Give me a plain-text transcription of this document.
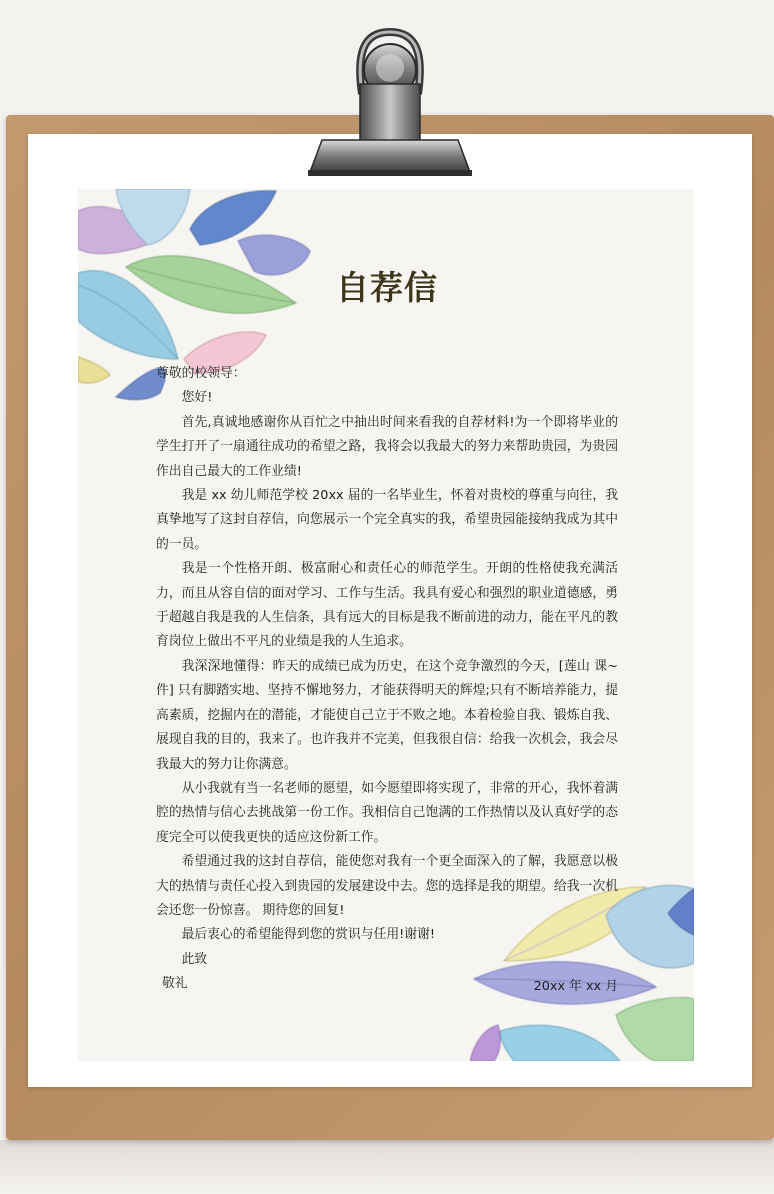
自荐信

尊敬的校领导：

您好!

首先,真诚地感谢你从百忙之中抽出时间来看我的自荐材料!为一个即将毕业的学生打开了一扇通往成功的希望之路，我将会以我最大的努力来帮助贵园，为贵园作出自己最大的工作业绩!

我是 xx 幼儿师范学校 20xx 届的一名毕业生，怀着对贵校的尊重与向往，我真挚地写了这封自荐信，向您展示一个完全真实的我，希望贵园能接纳我成为其中的一员。

我是一个性格开朗、极富耐心和责任心的师范学生。开朗的性格使我充满活力，而且从容自信的面对学习、工作与生活。我具有爱心和强烈的职业道德感，勇于超越自我是我的人生信条，具有远大的目标是我不断前进的动力，能在平凡的教育岗位上做出不平凡的业绩是我的人生追求。

我深深地懂得：昨天的成绩已成为历史，在这个竞争激烈的今天，[莲山 课~件] 只有脚踏实地、坚持不懈地努力，才能获得明天的辉煌;只有不断培养能力，提高素质，挖掘内在的潜能，才能使自己立于不败之地。本着检验自我、锻炼自我、展现自我的目的，我来了。也许我并不完美，但我很自信：给我一次机会，我会尽我最大的努力让你满意。

从小我就有当一名老师的愿望，如今愿望即将实现了，非常的开心，我怀着满腔的热情与信心去挑战第一份工作。我相信自己饱满的工作热情以及认真好学的态度完全可以使我更快的适应这份新工作。

希望通过我的这封自荐信，能使您对我有一个更全面深入的了解，我愿意以极大的热情与责任心投入到贵园的发展建设中去。您的选择是我的期望。给我一次机会还您一份惊喜。 期待您的回复!

最后衷心的希望能得到您的赏识与任用!谢谢!

此致

敬礼	20xx 年 xx 月
